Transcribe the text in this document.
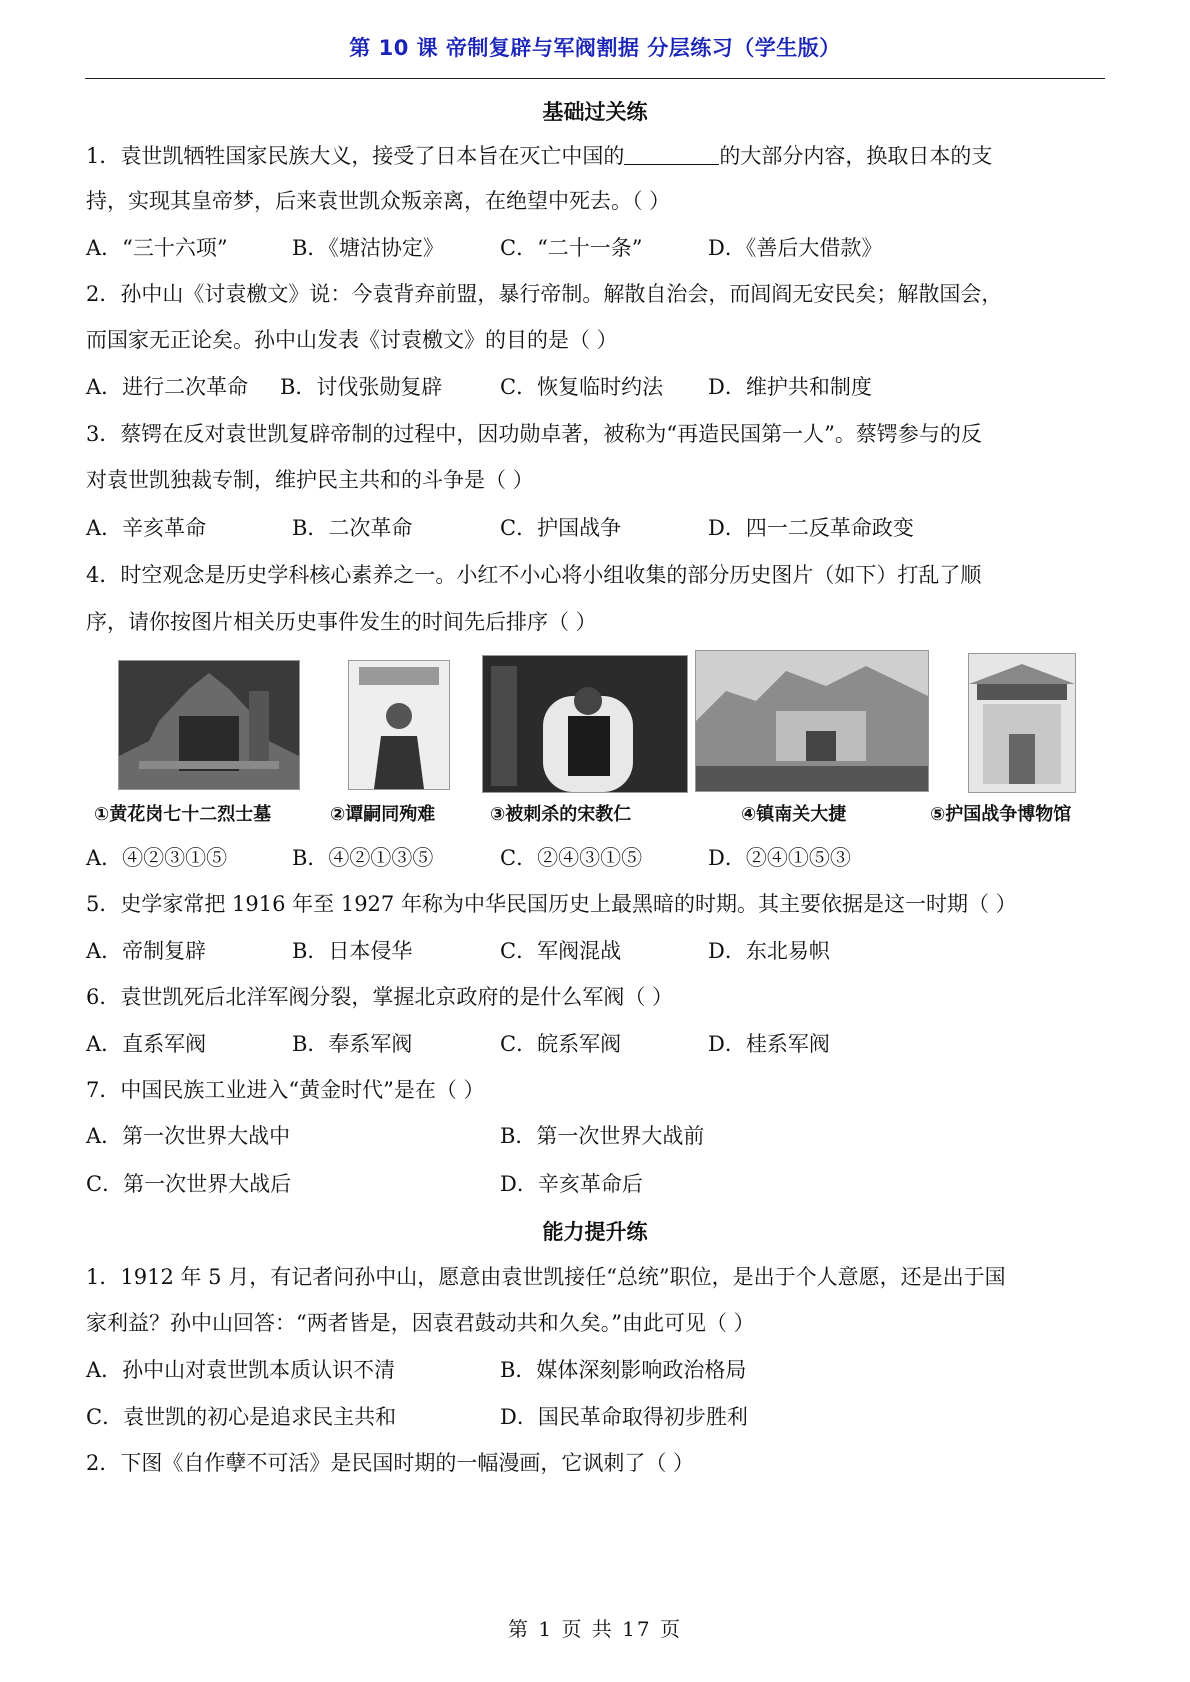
第 10 课 帝制复辟与军阀割据 分层练习（学生版）
基础过关练
1．袁世凯牺牲国家民族大义，接受了日本旨在灭亡中国的	的大部分内容，换取日本的支
持，实现其皇帝梦，后来袁世凯众叛亲离，在绝望中死去。（ ）
A．“三十六项”	B．《塘沽协定》	C．“二十一条”	D．《善后大借款》
2．孙中山《讨袁檄文》说：今袁背弃前盟，暴行帝制。解散自治会，而闾阎无安民矣；解散国会，
而国家无正论矣。孙中山发表《讨袁檄文》的目的是（ ）
A．进行二次革命 B．讨伐张勋复辟	C．恢复临时约法 D．维护共和制度
3．蔡锷在反对袁世凯复辟帝制的过程中，因功勋卓著，被称为“再造民国第一人”。蔡锷参与的反
对袁世凯独裁专制，维护民主共和的斗争是（ ）
A．辛亥革命	B．二次革命	C．护国战争	D．四一二反革命政变
4．时空观念是历史学科核心素养之一。小红不小心将小组收集的部分历史图片（如下）打乱了顺
序，请你按图片相关历史事件发生的时间先后排序（ ）
①黄花岗七十二烈士墓	②谭嗣同殉难	③被刺杀的宋教仁	④镇南关大捷	⑤护国战争博物馆
A．④②③①⑤	B．④②①③⑤	C．②④③①⑤	D．②④①⑤③
5．史学家常把 1916 年至 1927 年称为中华民国历史上最黑暗的时期。其主要依据是这一时期（ ）
A．帝制复辟	B．日本侵华	C．军阀混战	D．东北易帜
6．袁世凯死后北洋军阀分裂，掌握北京政府的是什么军阀（ ）
A．直系军阀	B．奉系军阀	C．皖系军阀	D．桂系军阀
7．中国民族工业进入“黄金时代”是在（ ）
A．第一次世界大战中	B．第一次世界大战前
C．第一次世界大战后	D．辛亥革命后
能力提升练
1．1912 年 5 月，有记者问孙中山，愿意由袁世凯接任“总统”职位，是出于个人意愿，还是出于国
家利益？孙中山回答：“两者皆是，因袁君鼓动共和久矣。”由此可见（ ）
A．孙中山对袁世凯本质认识不清	B．媒体深刻影响政治格局
C．袁世凯的初心是追求民主共和	D．国民革命取得初步胜利
2．下图《自作孽不可活》是民国时期的一幅漫画，它讽刺了（ ）
第 1 页 共 17 页
